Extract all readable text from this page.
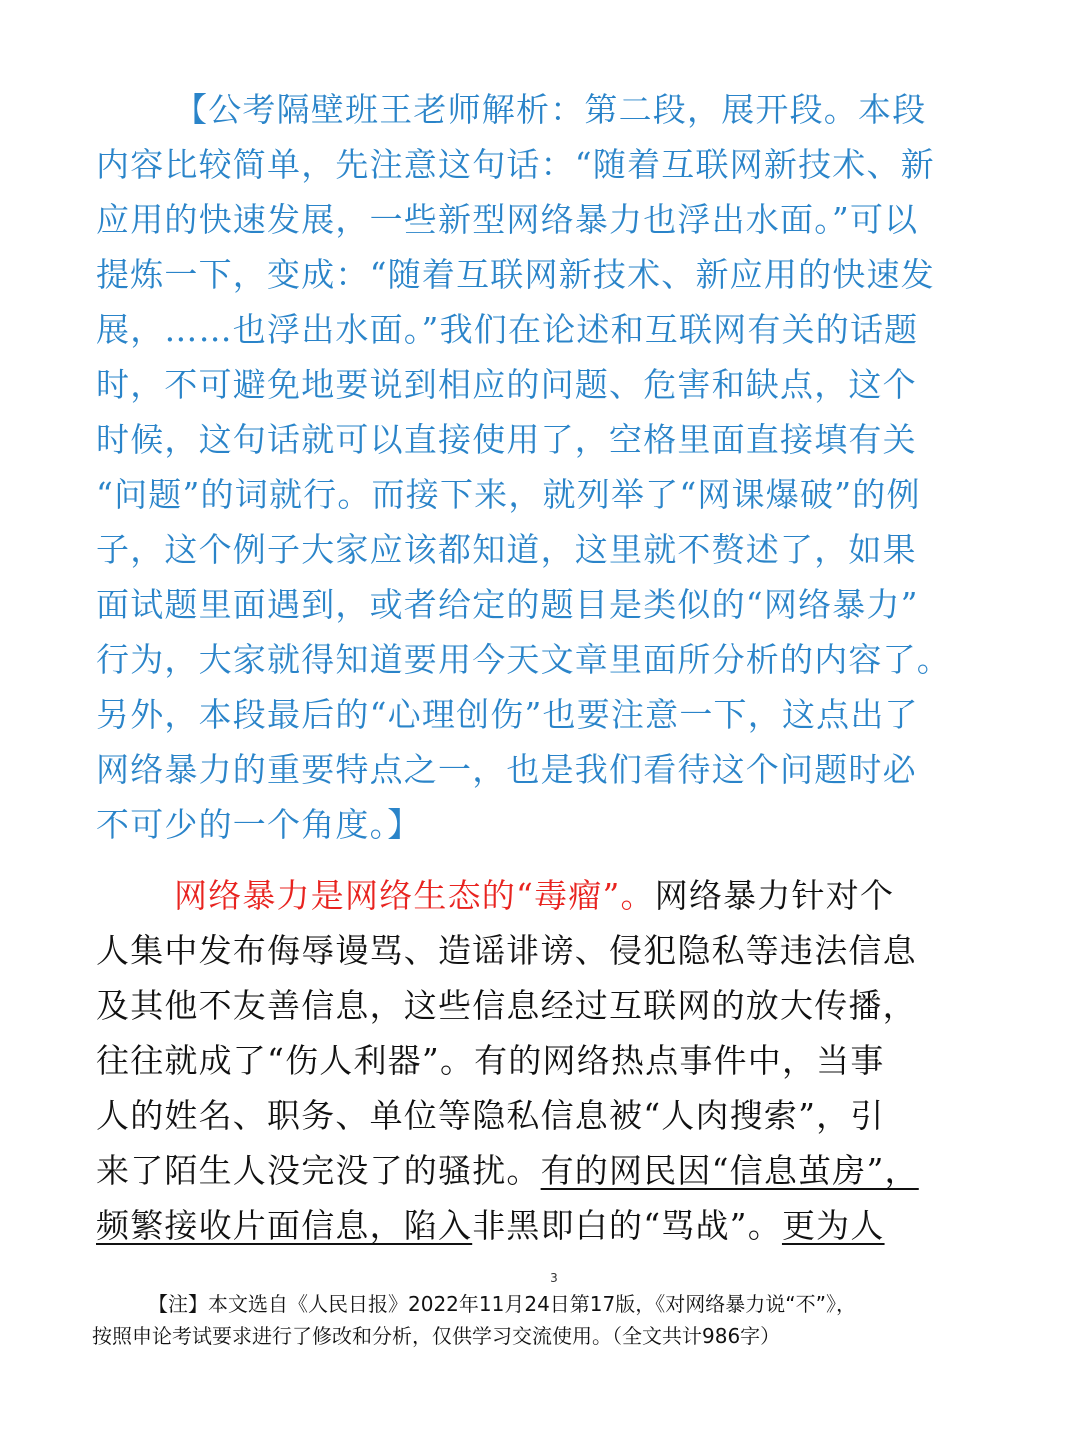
【公考隔壁班王老师解析：第二段，展开段。本段
内容比较简单，先注意这句话：“随着互联网新技术、新
应用的快速发展，一些新型网络暴力也浮出水面。”可以
提炼一下，变成：“随着互联网新技术、新应用的快速发
展，……也浮出水面。”我们在论述和互联网有关的话题
时，不可避免地要说到相应的问题、危害和缺点，这个
时候，这句话就可以直接使用了，空格里面直接填有关
“问题”的词就行。而接下来，就列举了“网课爆破”的例
子，这个例子大家应该都知道，这里就不赘述了，如果
面试题里面遇到，或者给定的题目是类似的“网络暴力”
行为，大家就得知道要用今天文章里面所分析的内容了。
另外，本段最后的“心理创伤”也要注意一下，这点出了
网络暴力的重要特点之一，也是我们看待这个问题时必
不可少的一个角度。】
网络暴力是网络生态的“毒瘤”。网络暴力针对个
人集中发布侮辱谩骂、造谣诽谤、侵犯隐私等违法信息
及其他不友善信息，这些信息经过互联网的放大传播，
往往就成了“伤人利器”。有的网络热点事件中，当事
人的姓名、职务、单位等隐私信息被“人肉搜索”，引
来了陌生人没完没了的骚扰。有的网民因“信息茧房”，
频繁接收片面信息，陷入非黑即白的“骂战”。更为人
3
【注】本文选自《人民日报》2022年11月24日第17版，《对网络暴力说“不”》，
按照申论考试要求进行了修改和分析，仅供学习交流使用。（全文共计986字）
